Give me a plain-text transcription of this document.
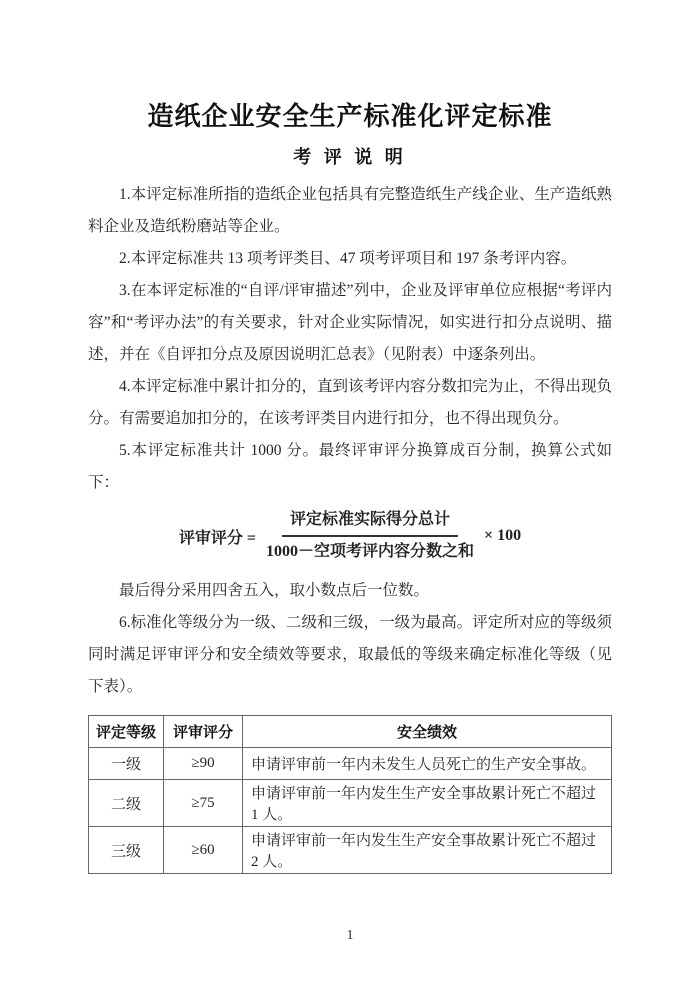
造纸企业安全生产标准化评定标准
考 评 说 明

1.本评定标准所指的造纸企业包括具有完整造纸生产线企业、生产造纸熟料企业及造纸粉磨站等企业。

2.本评定标准共 13 项考评类目、47 项考评项目和 197 条考评内容。

3.在本评定标准的“自评/评审描述”列中，企业及评审单位应根据“考评内容”和“考评办法”的有关要求，针对企业实际情况，如实进行扣分点说明、描述，并在《自评扣分点及原因说明汇总表》（见附表）中逐条列出。

4.本评定标准中累计扣分的，直到该考评内容分数扣完为止，不得出现负分。有需要追加扣分的，在该考评类目内进行扣分，也不得出现负分。

5.本评定标准共计 1000 分。最终评审评分换算成百分制，换算公式如下：

评审评分 = $\frac{\text{评定标准实际得分总计}}{\text{1000－空项考评内容分数之和}} \times 100$

最后得分采用四舍五入，取小数点后一位数。

6.标准化等级分为一级、二级和三级，一级为最高。评定所对应的等级须同时满足评审评分和安全绩效等要求，取最低的等级来确定标准化等级（见下表）。

评定等级	评审评分	安全绩效
一级	≥90	申请评审前一年内未发生人员死亡的生产安全事故。
二级	≥75	申请评审前一年内发生生产安全事故累计死亡不超过 1 人。
三级	≥60	申请评审前一年内发生生产安全事故累计死亡不超过 2 人。
1
